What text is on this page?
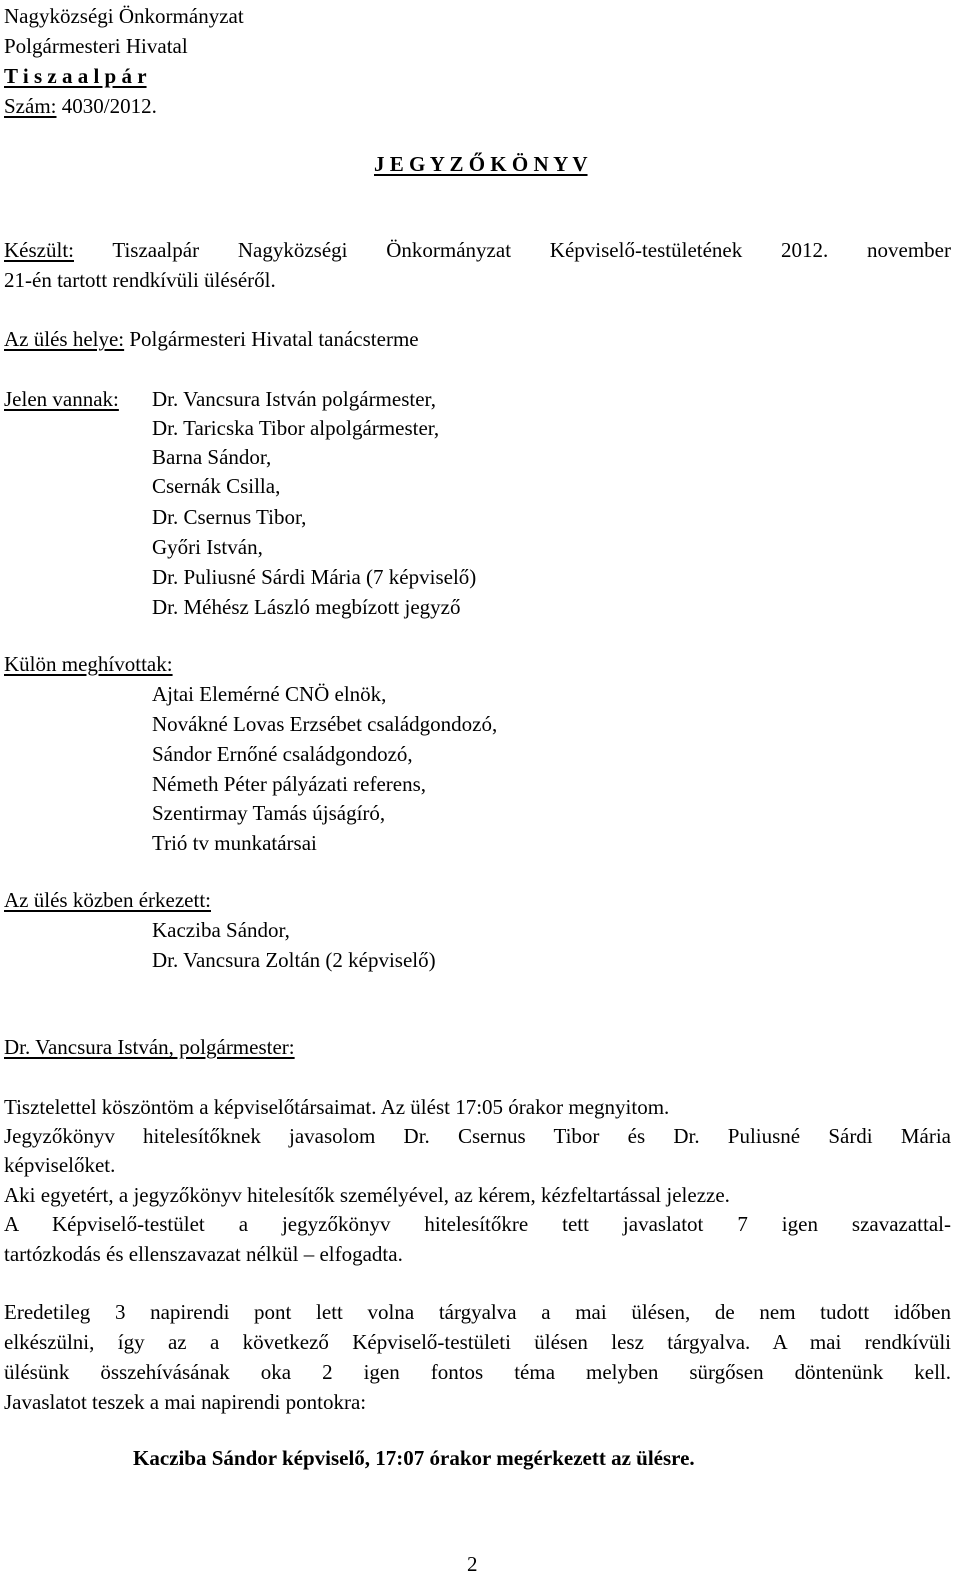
Nagyközségi Önkormányzat
Polgármesteri Hivatal
T i s z a a l p á r
Szám: 4030/2012.
J E G Y Z Ő K Ö N Y V
Készült: Tiszaalpár Nagyközségi Önkormányzat Képviselő-testületének 2012. november
21-én tartott rendkívüli üléséről.
Az ülés helye: Polgármesteri Hivatal tanácsterme
Jelen vannak: Dr. Vancsura István polgármester,
Dr. Taricska Tibor alpolgármester,
Barna Sándor,
Csernák Csilla,
Dr. Csernus Tibor,
Győri István,
Dr. Puliusné Sárdi Mária (7 képviselő)
Dr. Méhész László megbízott jegyző
Külön meghívottak:
Ajtai Elemérné CNÖ elnök,
Novákné Lovas Erzsébet családgondozó,
Sándor Ernőné családgondozó,
Németh Péter pályázati referens,
Szentirmay Tamás újságíró,
Trió tv munkatársai
Az ülés közben érkezett:
Kacziba Sándor,
Dr. Vancsura Zoltán (2 képviselő)
Dr. Vancsura István, polgármester:
Tisztelettel köszöntöm a képviselőtársaimat. Az ülést 17:05 órakor megnyitom.
Jegyzőkönyv hitelesítőknek javasolom Dr. Csernus Tibor és Dr. Puliusné Sárdi Mária
képviselőket.
Aki egyetért, a jegyzőkönyv hitelesítők személyével, az kérem, kézfeltartással jelezze.
A Képviselő-testület a jegyzőkönyv hitelesítőkre tett javaslatot 7 igen szavazattal-
tartózkodás és ellenszavazat nélkül – elfogadta.
Eredetileg 3 napirendi pont lett volna tárgyalva a mai ülésen, de nem tudott időben
elkészülni, így az a következő Képviselő-testületi ülésen lesz tárgyalva. A mai rendkívüli
ülésünk összehívásának oka 2 igen fontos téma melyben sürgősen döntenünk kell.
Javaslatot teszek a mai napirendi pontokra:
Kacziba Sándor képviselő, 17:07 órakor megérkezett az ülésre.
2
